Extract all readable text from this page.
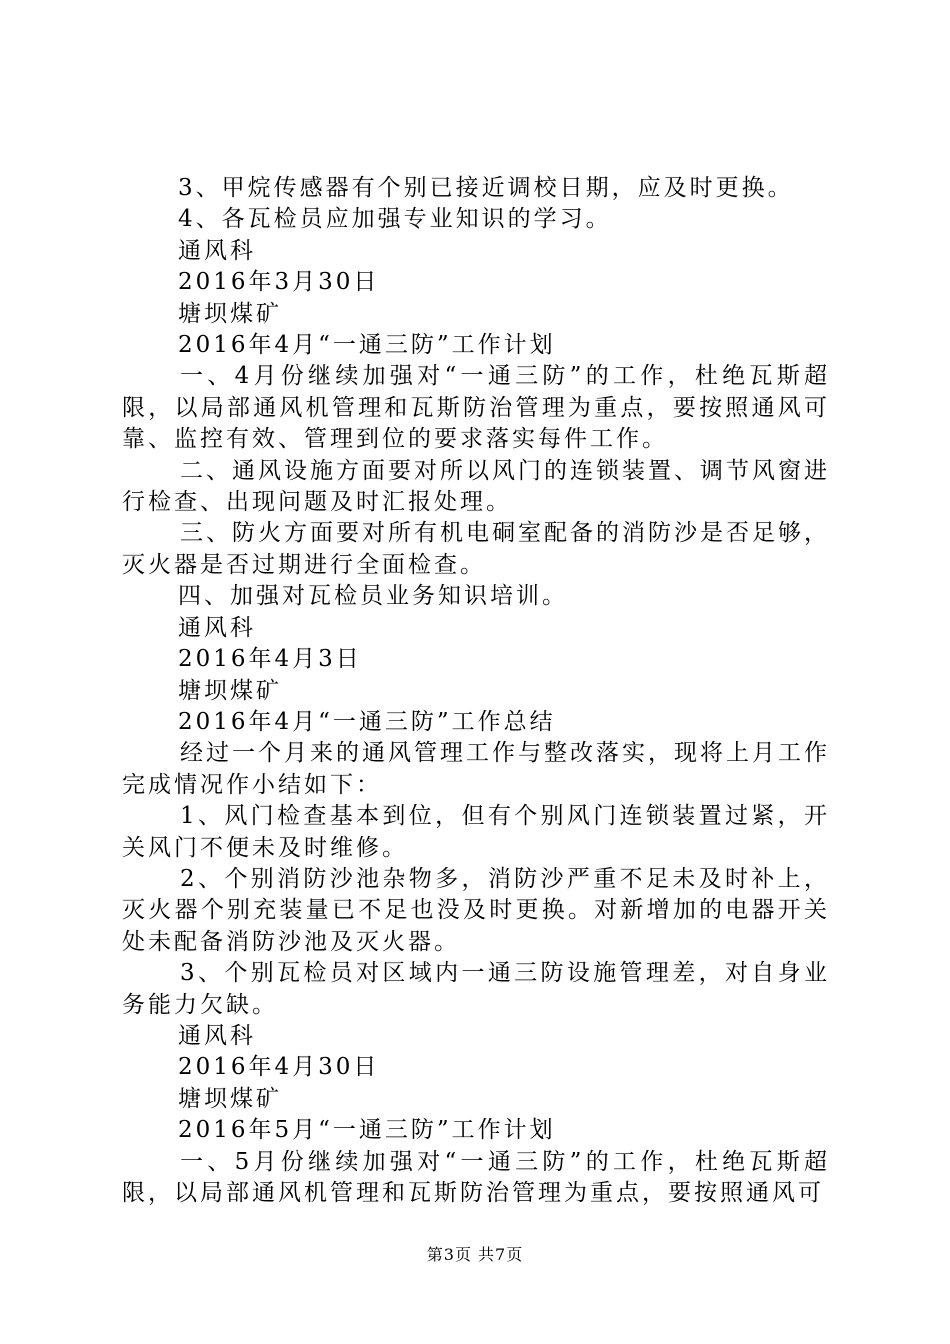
3、甲烷传感器有个别已接近调校日期，应及时更换。
4、各瓦检员应加强专业知识的学习。
通风科
2016年3月30日
塘坝煤矿
2016年4月“一通三防”工作计划
一、4月份继续加强对“一通三防”的工作，杜绝瓦斯超限，以局部通风机管理和瓦斯防治管理为重点，要按照通风可靠、监控有效、管理到位的要求落实每件工作。
二、通风设施方面要对所以风门的连锁装置、调节风窗进行检查、出现问题及时汇报处理。
三、防火方面要对所有机电硐室配备的消防沙是否足够，灭火器是否过期进行全面检查。
四、加强对瓦检员业务知识培训。
通风科
2016年4月3日
塘坝煤矿
2016年4月“一通三防”工作总结
经过一个月来的通风管理工作与整改落实，现将上月工作完成情况作小结如下：
1、风门检查基本到位，但有个别风门连锁装置过紧，开关风门不便未及时维修。
2、个别消防沙池杂物多，消防沙严重不足未及时补上，灭火器个别充装量已不足也没及时更换。对新增加的电器开关处未配备消防沙池及灭火器。
3、个别瓦检员对区域内一通三防设施管理差，对自身业务能力欠缺。
通风科
2016年4月30日
塘坝煤矿
2016年5月“一通三防”工作计划
一、5月份继续加强对“一通三防”的工作，杜绝瓦斯超限，以局部通风机管理和瓦斯防治管理为重点，要按照通风可
第3页 共7页
